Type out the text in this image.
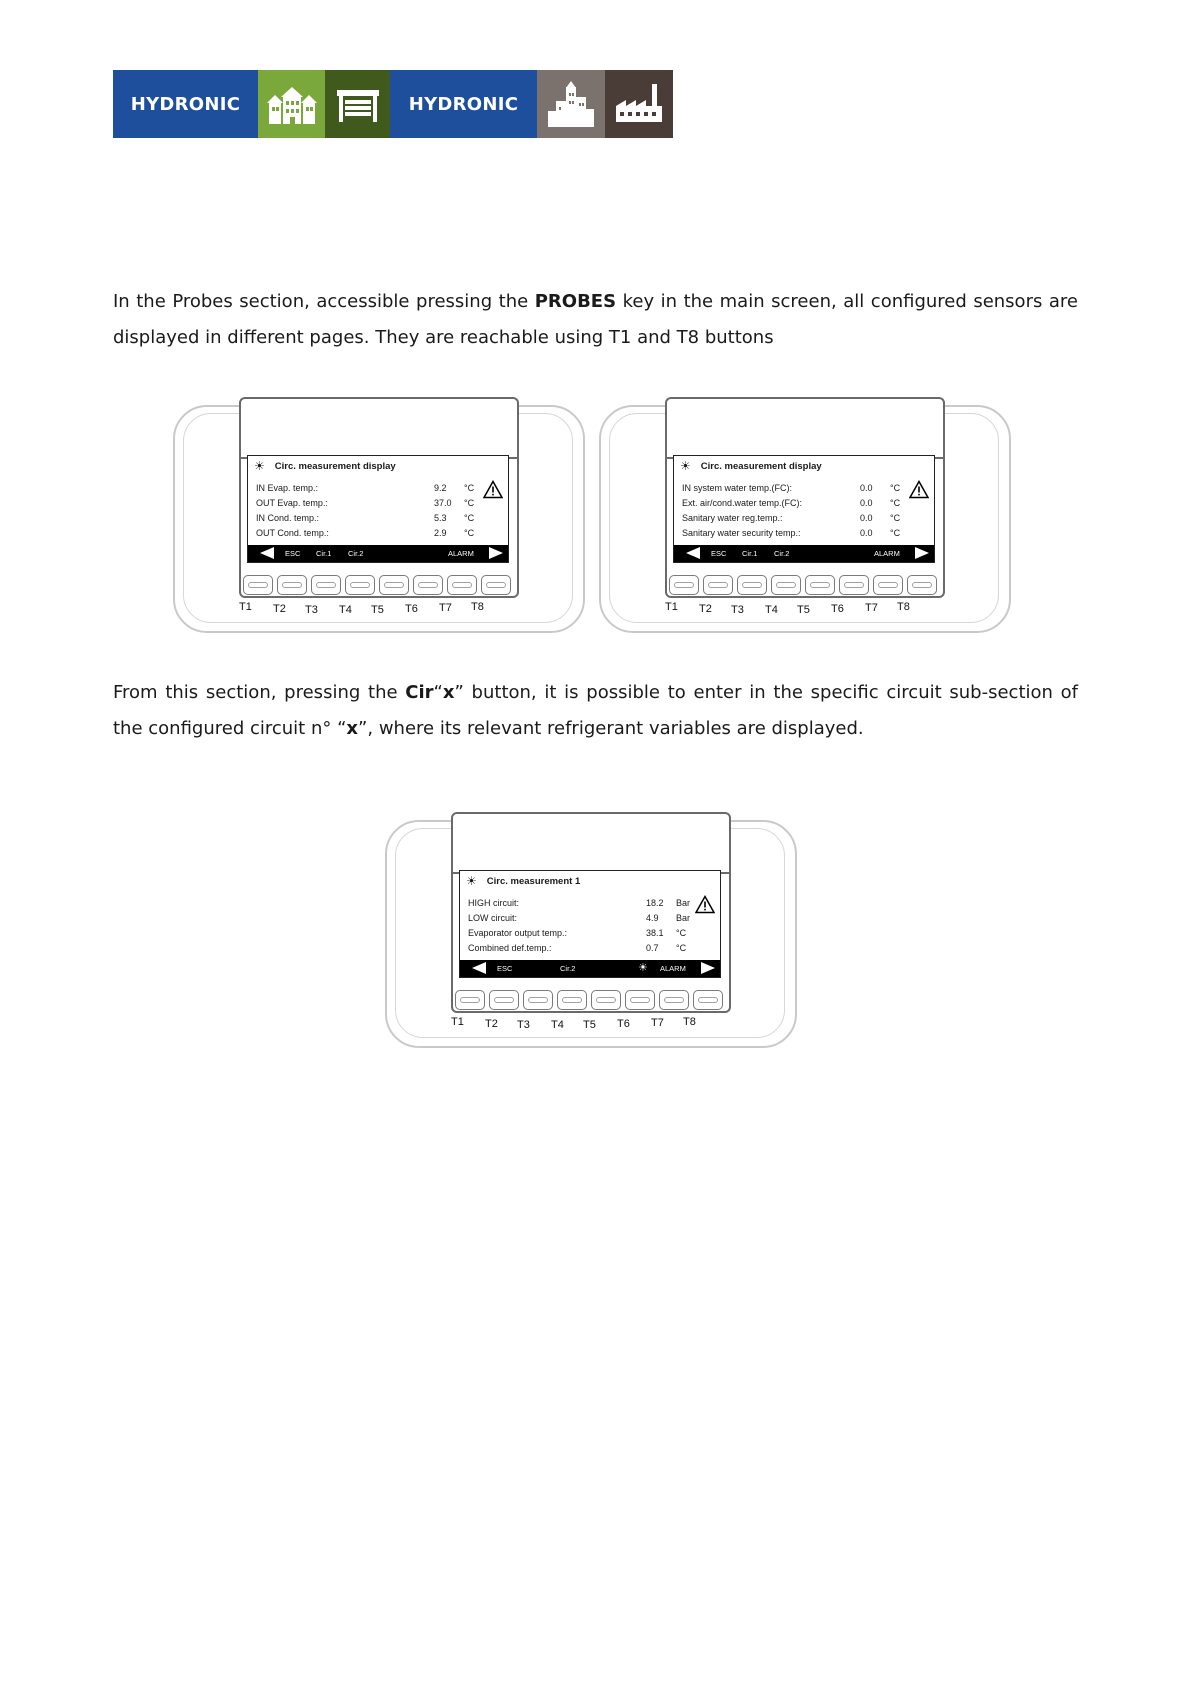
HYDRONIC	HYDRONIC

In the Probes section, accessible pressing the PROBES key in the main screen, all configured sensors are displayed in different pages. They are reachable using T1 and T8 buttons

☀ Circ. measurement display
IN Evap. temp.:	9.2	°C
OUT Evap. temp.:	37.0	°C
IN Cond. temp.:	5.3	°C
OUT Cond. temp.:	2.9	°C
ESC Cir.1 Cir.2	ALARM
T1 T2 T3 T4 T5 T6 T7 T8
☀ Circ. measurement display
IN system water temp.(FC):	0.0	°C
Ext. air/cond.water temp.(FC):	0.0	°C
Sanitary water reg.temp.:	0.0	°C
Sanitary water security temp.:	0.0	°C
ESC Cir.1 Cir.2	ALARM
T1 T2 T3 T4 T5 T6 T7 T8

From this section, pressing the Cir“x” button, it is possible to enter in the specific circuit sub-section of the configured circuit n° “x”, where its relevant refrigerant variables are displayed.

☀ Circ. measurement 1
HIGH circuit:	18.2	Bar
LOW circuit:	4.9	Bar
Evaporator output temp.:	38.1	°C
Combined def.temp.:	0.7	°C
ESC	Cir.2	☀ ALARM
T1 T2 T3 T4 T5 T6 T7 T8
